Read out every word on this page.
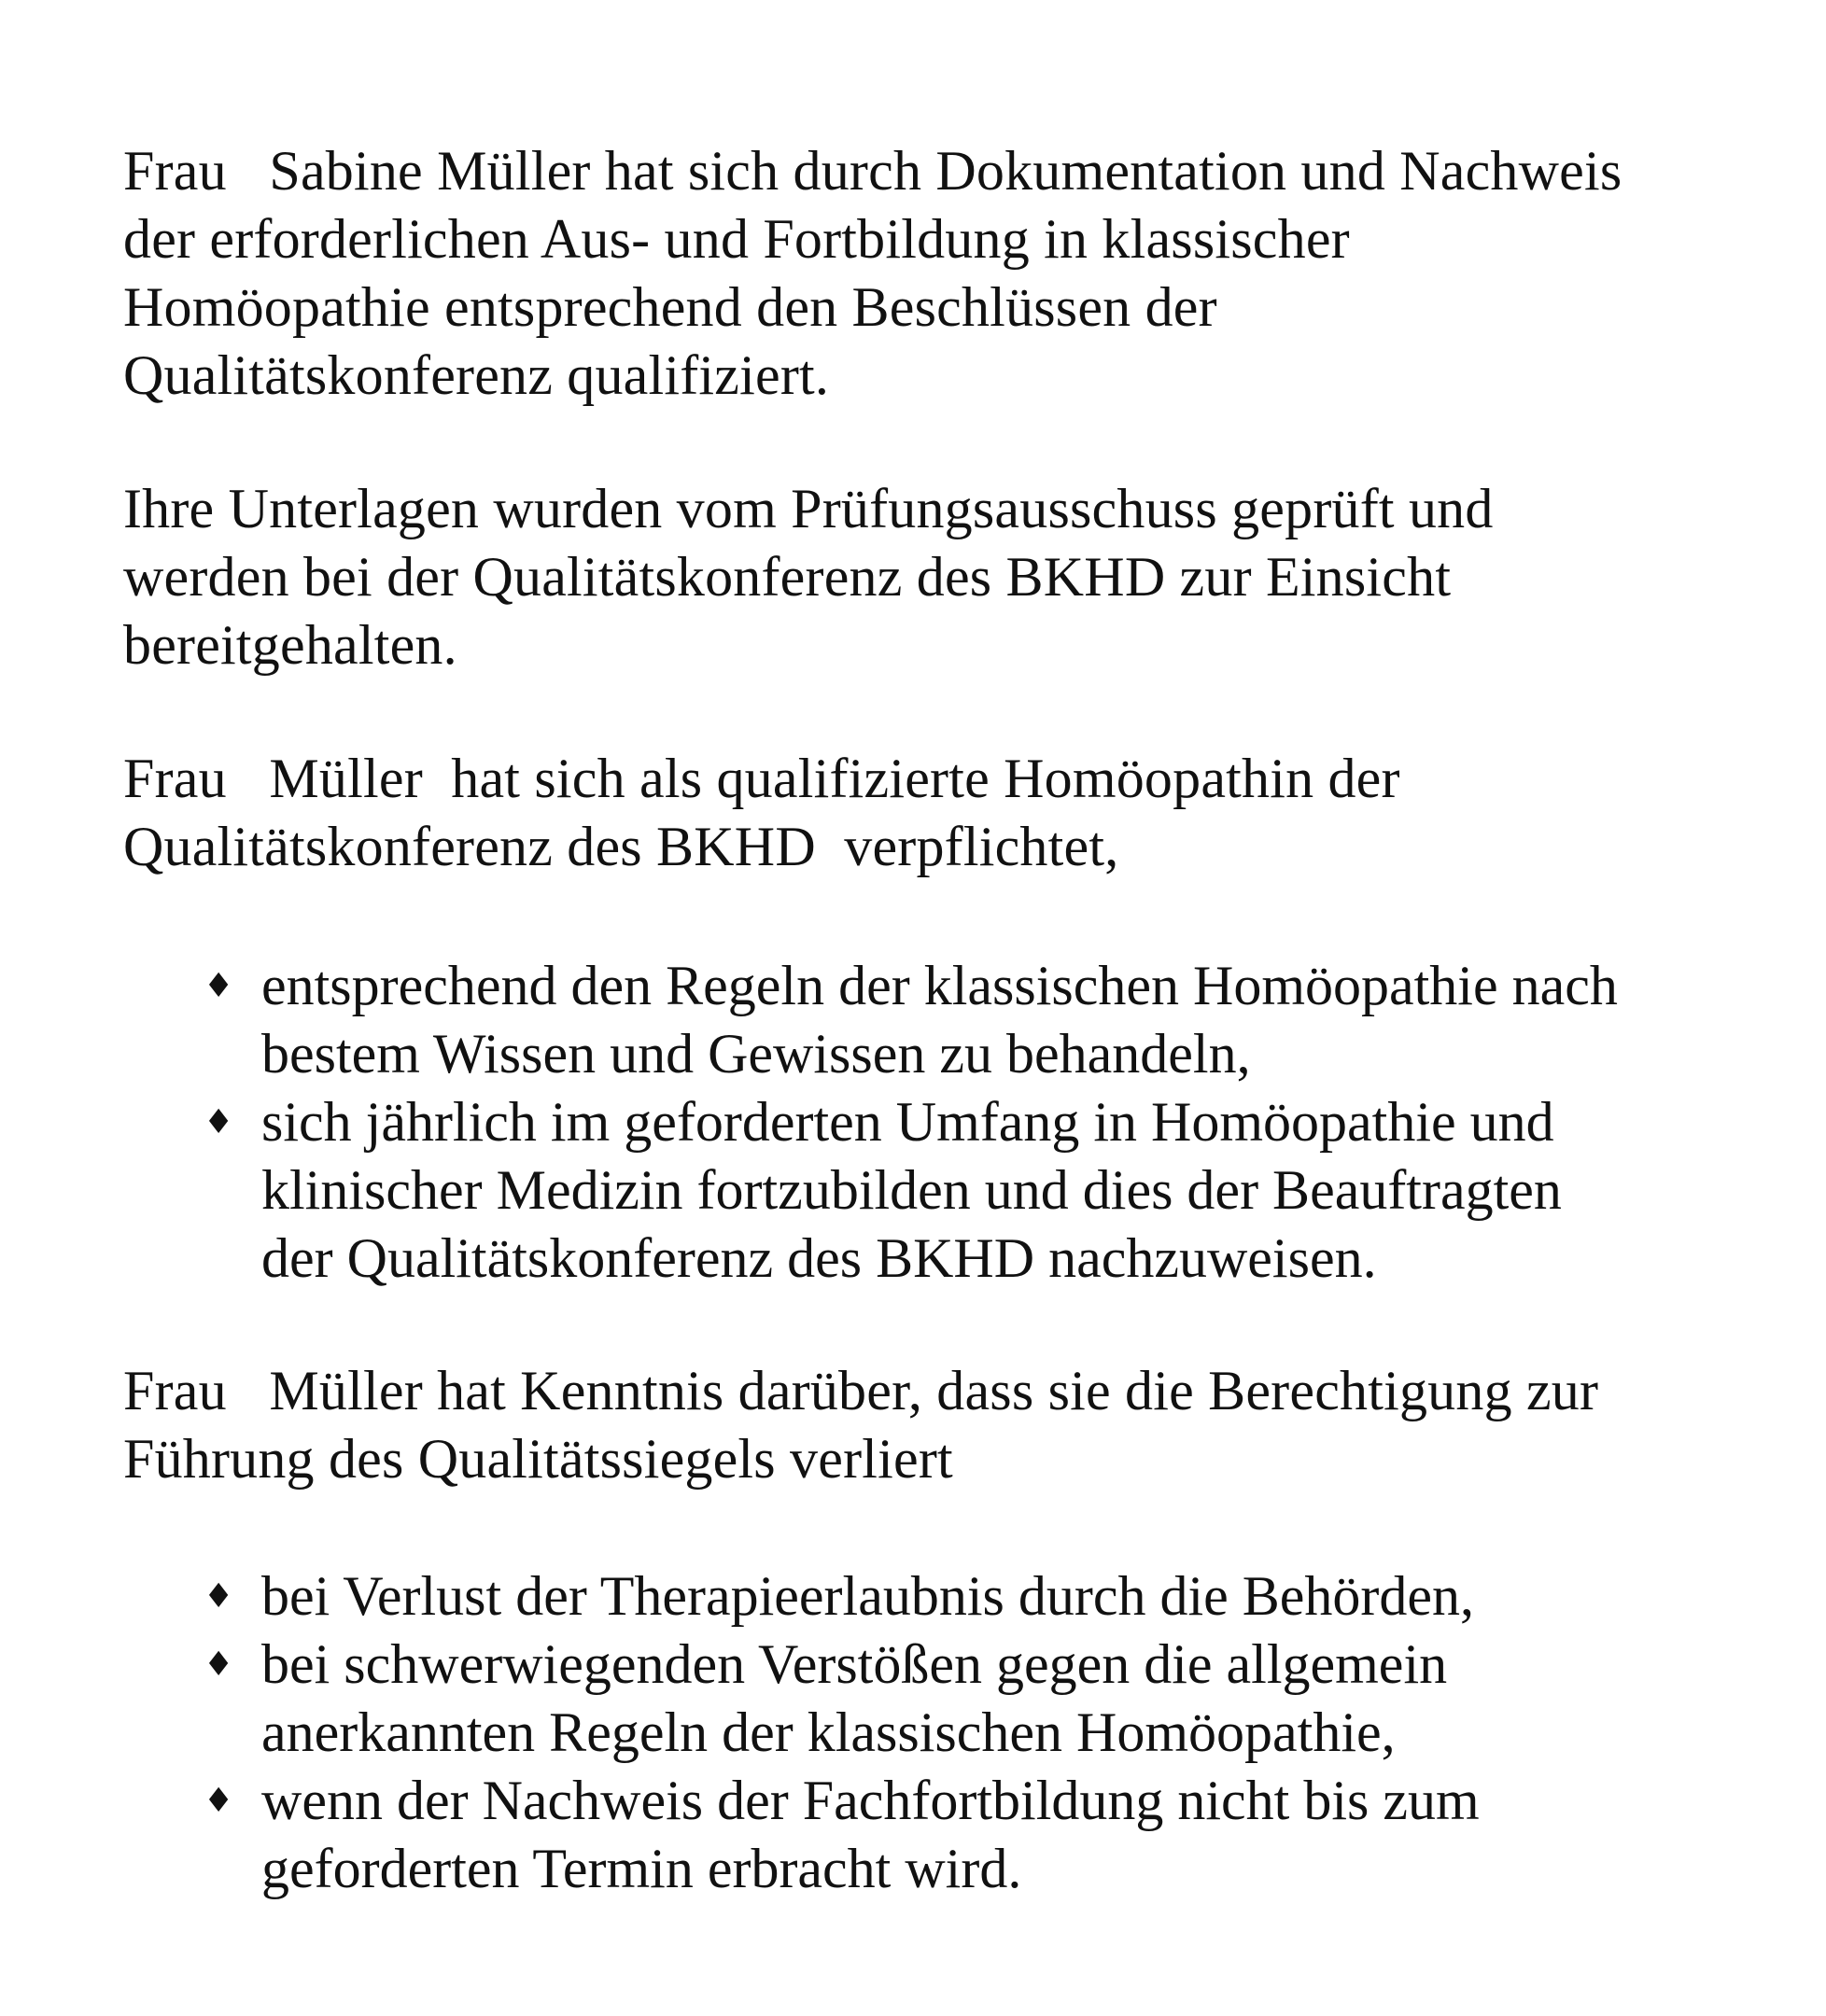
Frau   Sabine Müller hat sich durch Dokumentation und Nachweis
der erforderlichen Aus- und Fortbildung in klassischer
Homöopathie entsprechend den Beschlüssen der
Qualitätskonferenz qualifiziert.
Ihre Unterlagen wurden vom Prüfungsausschuss geprüft und
werden bei der Qualitätskonferenz des BKHD zur Einsicht
bereitgehalten.
Frau   Müller  hat sich als qualifizierte Homöopathin der
Qualitätskonferenz des BKHD  verpflichtet,
♦ entsprechend den Regeln der klassischen Homöopathie nach
bestem Wissen und Gewissen zu behandeln,
♦ sich jährlich im geforderten Umfang in Homöopathie und
klinischer Medizin fortzubilden und dies der Beauftragten
der Qualitätskonferenz des BKHD nachzuweisen.
Frau   Müller hat Kenntnis darüber, dass sie die Berechtigung zur
Führung des Qualitätssiegels verliert
♦ bei Verlust der Therapieerlaubnis durch die Behörden,
♦ bei schwerwiegenden Verstößen gegen die allgemein
anerkannten Regeln der klassischen Homöopathie,
♦ wenn der Nachweis der Fachfortbildung nicht bis zum
geforderten Termin erbracht wird.
